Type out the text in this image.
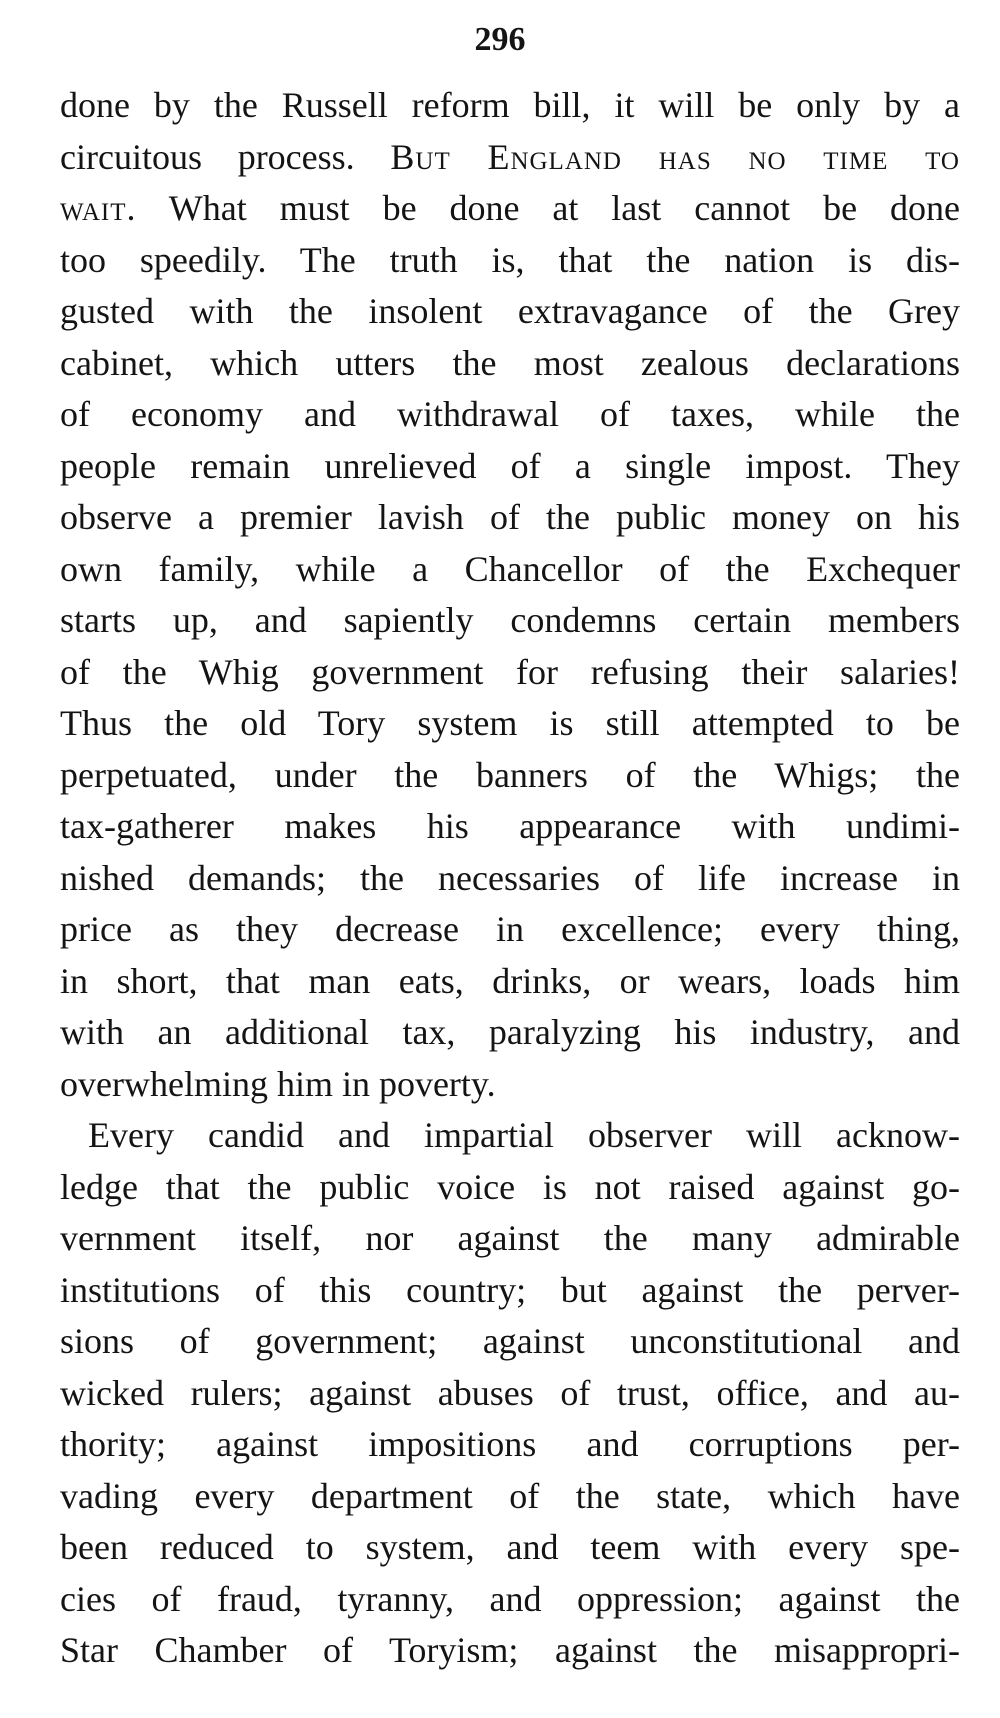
296
done by the Russell reform bill, it will be only by a
circuitous process. But England has no time to
wait. What must be done at last cannot be done
too speedily. The truth is, that the nation is dis-
gusted with the insolent extravagance of the Grey
cabinet, which utters the most zealous declarations
of economy and withdrawal of taxes, while the
people remain unrelieved of a single impost. They
observe a premier lavish of the public money on his
own family, while a Chancellor of the Exchequer
starts up, and sapiently condemns certain members
of the Whig government for refusing their salaries!
Thus the old Tory system is still attempted to be
perpetuated, under the banners of the Whigs; the
tax-gatherer makes his appearance with undimi-
nished demands; the necessaries of life increase in
price as they decrease in excellence; every thing,
in short, that man eats, drinks, or wears, loads him
with an additional tax, paralyzing his industry, and
overwhelming him in poverty.
Every candid and impartial observer will acknow-
ledge that the public voice is not raised against go-
vernment itself, nor against the many admirable
institutions of this country; but against the perver-
sions of government; against unconstitutional and
wicked rulers; against abuses of trust, office, and au-
thority; against impositions and corruptions per-
vading every department of the state, which have
been reduced to system, and teem with every spe-
cies of fraud, tyranny, and oppression; against the
Star Chamber of Toryism; against the misappropri-
